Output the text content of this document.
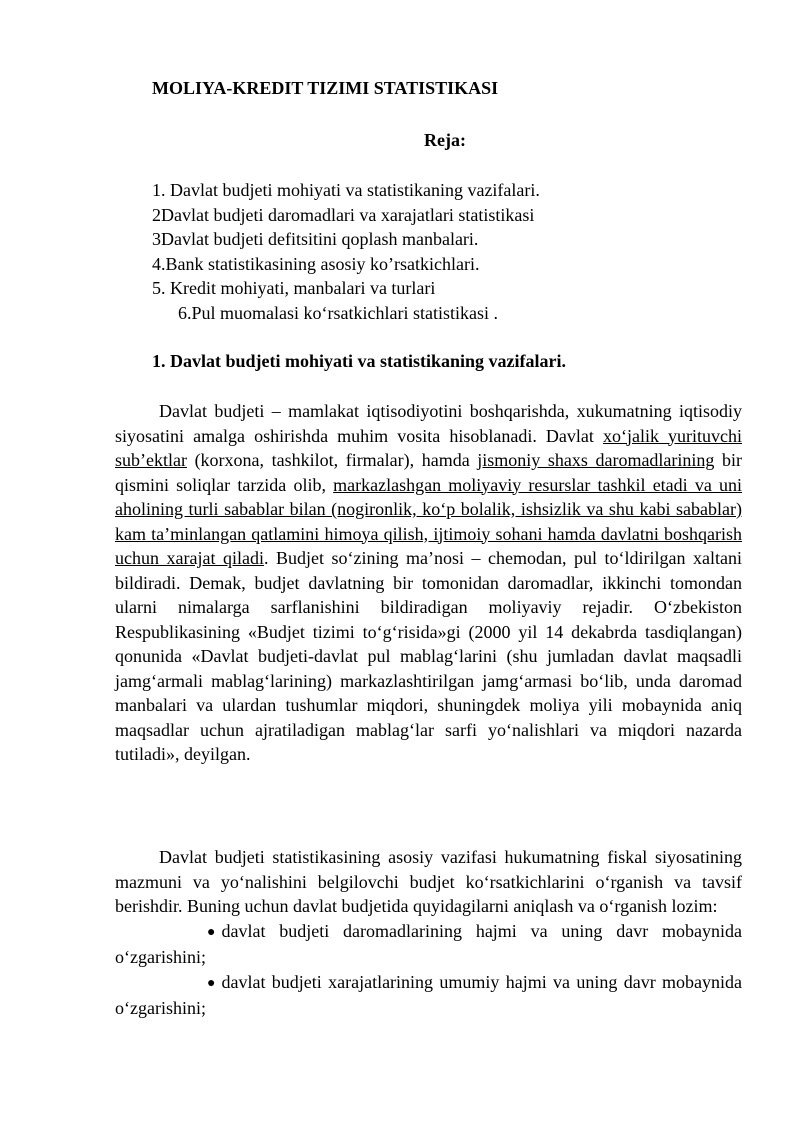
MOLIYA-KREDIT TIZIMI STATISTIKASI
Reja:
1. Davlat budjeti mohiyati va statistikaning vazifalari.
2Davlat budjeti daromadlari va xarajatlari statistikasi
3Davlat budjeti defitsitini qoplash manbalari.
4.Bank statistikasining asosiy ko’rsatkichlari.
5. Kredit mohiyati, manbalari va turlari
6.Pul muomalasi ko‘rsatkichlari statistikasi .
1. Davlat budjeti mohiyati va statistikaning vazifalari.
Davlat budjeti – mamlakat iqtisodiyotini boshqarishda, xukumatning iqtisodiy siyosatini amalga oshirishda muhim vosita hisoblanadi. Davlat xo‘jalik yurituvchi sub’ektlar (korxona, tashkilot, firmalar), hamda jismoniy shaxs daromadlarining bir qismini soliqlar tarzida olib, markazlashgan moliyaviy resurslar tashkil etadi va uni aholining turli sabablar bilan (nogironlik, ko‘p bolalik, ishsizlik va shu kabi sabablar) kam ta’minlangan qatlamini himoya qilish, ijtimoiy sohani hamda davlatni boshqarish uchun xarajat qiladi. Budjet so‘zining ma’nosi – chemodan, pul to‘ldirilgan xaltani bildiradi. Demak, budjet davlatning bir tomonidan daromadlar, ikkinchi tomondan ularni nimalarga sarflanishini bildiradigan moliyaviy rejadir. O‘zbekiston Respublikasining «Budjet tizimi to‘g‘risida»gi (2000 yil 14 dekabrda tasdiqlangan) qonunida «Davlat budjeti-davlat pul mablag‘larini (shu jumladan davlat maqsadli jamg‘armali mablag‘larining) markazlashtirilgan jamg‘armasi bo‘lib, unda daromad manbalari va ulardan tushumlar miqdori, shuningdek moliya yili mobaynida aniq maqsadlar uchun ajratiladigan mablag‘lar sarfi yo‘nalishlari va miqdori nazarda tutiladi», deyilgan.
Davlat budjeti statistikasining asosiy vazifasi hukumatning fiskal siyosatining mazmuni va yo‘nalishini belgilovchi budjet ko‘rsatkichlarini o‘rganish va tavsif berishdir. Buning uchun davlat budjetida quyidagilarni aniqlash va o‘rganish lozim:
● davlat budjeti daromadlarining hajmi va uning davr mobaynida o‘zgarishini;
● davlat budjeti xarajatlarining umumiy hajmi va uning davr mobaynida o‘zgarishini;
